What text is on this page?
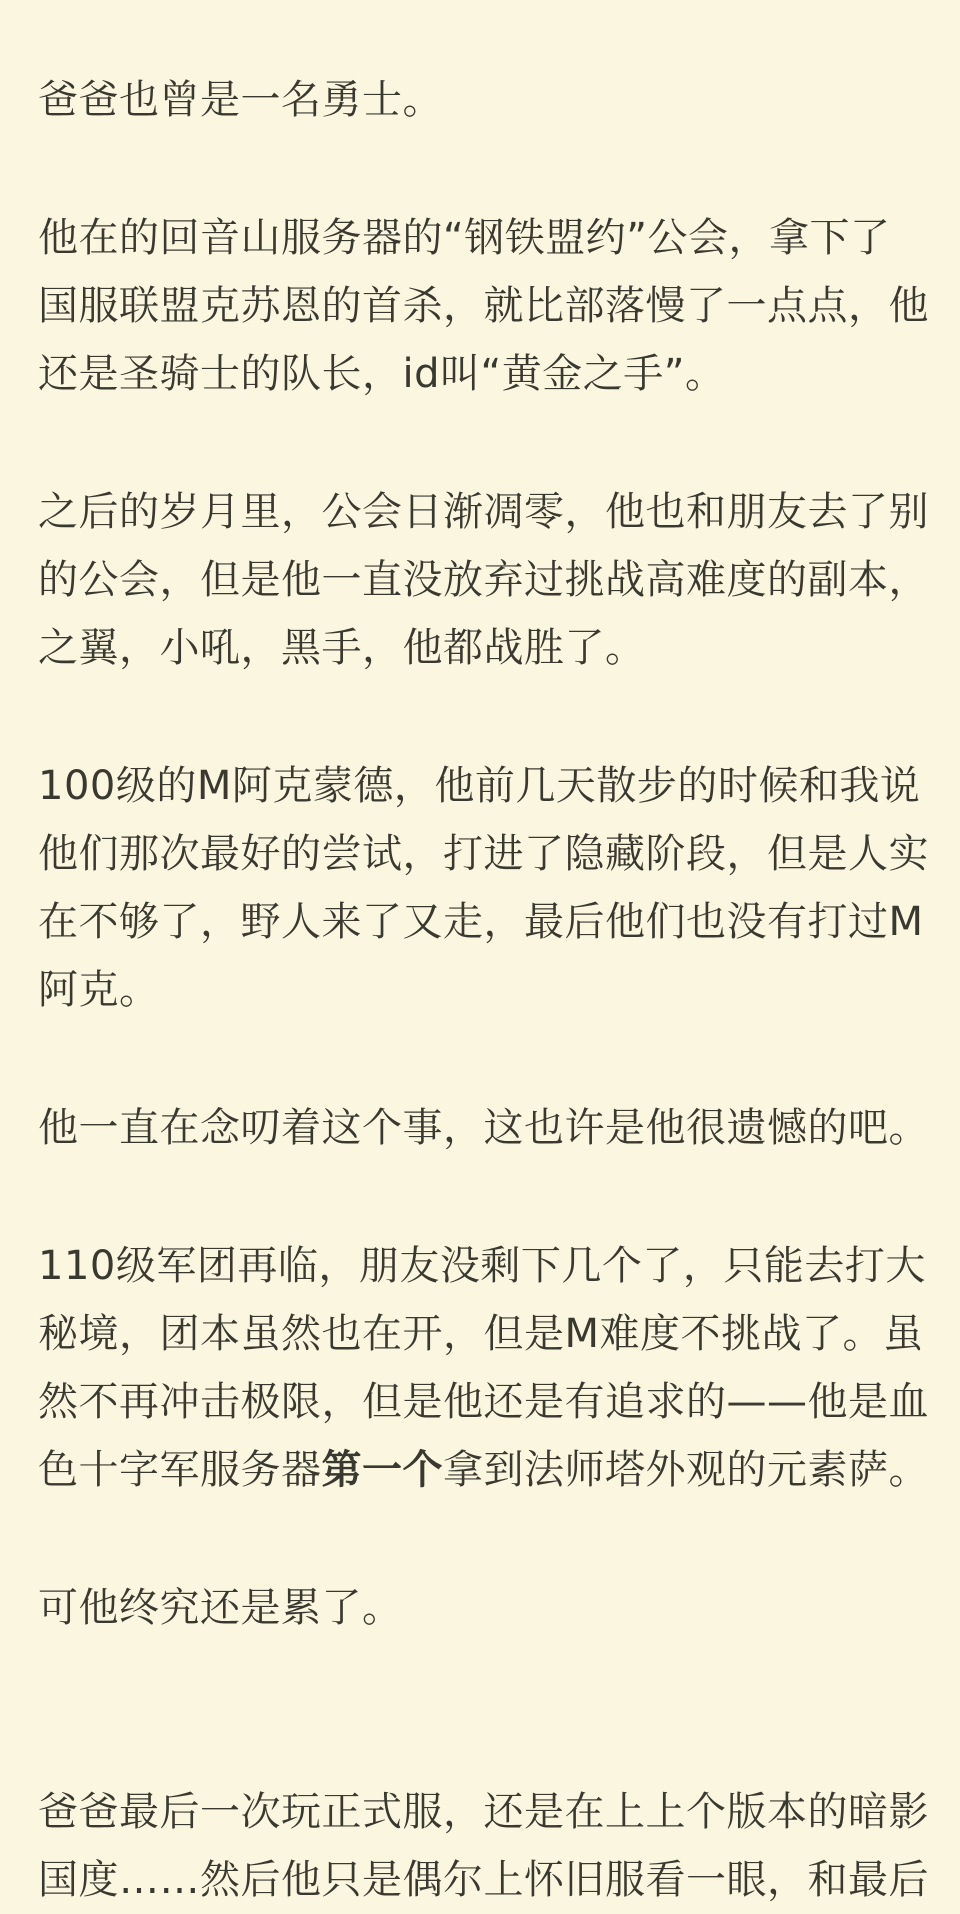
爸爸也曾是一名勇士。

他在的回音山服务器的“钢铁盟约”公会，拿下了
国服联盟克苏恩的首杀，就比部落慢了一点点，他
还是圣骑士的队长，id叫“黄金之手”。

之后的岁月里，公会日渐凋零，他也和朋友去了别
的公会，但是他一直没放弃过挑战高难度的副本，
之翼，小吼，黑手，他都战胜了。

100级的M阿克蒙德，他前几天散步的时候和我说
他们那次最好的尝试，打进了隐藏阶段，但是人实
在不够了，野人来了又走，最后他们也没有打过M
阿克。

他一直在念叨着这个事，这也许是他很遗憾的吧。

110级军团再临，朋友没剩下几个了，只能去打大
秘境，团本虽然也在开，但是M难度不挑战了。虽
然不再冲击极限，但是他还是有追求的——他是血
色十字军服务器第一个拿到法师塔外观的元素萨。

可他终究还是累了。

爸爸最后一次玩正式服，还是在上上个版本的暗影
国度……然后他只是偶尔上怀旧服看一眼，和最后
